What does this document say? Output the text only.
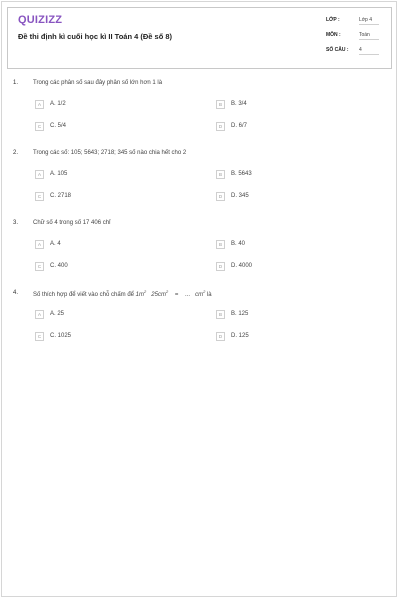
QUIZIZZ
Đề thi định kì cuối học kì II Toán 4 (Đề số 8)
LỚP :	Lớp 4
MÔN :	Toán
SỐ CÂU : 4
1. Trong các phân số sau đây phân số lớn hơn 1 là
A	A. 1/2	B	B. 3/4
C	C. 5/4	D	D. 6/7
2. Trong các số: 105; 5643; 2718; 345 số nào chia hết cho 2
A	A. 105	B	B. 5643
C	C. 2718	D	D. 345
3. Chữ số 4 trong số 17 406 chỉ
A	A. 4	B	B. 40
C	C. 400	D	D. 4000
4. Số thích hợp để viết vào chỗ chấm để $1m^2$   $25cm^2$    = ... $cm^2$ là
A	A. 25	B	B. 125
C	C. 1025	D	D. 125
